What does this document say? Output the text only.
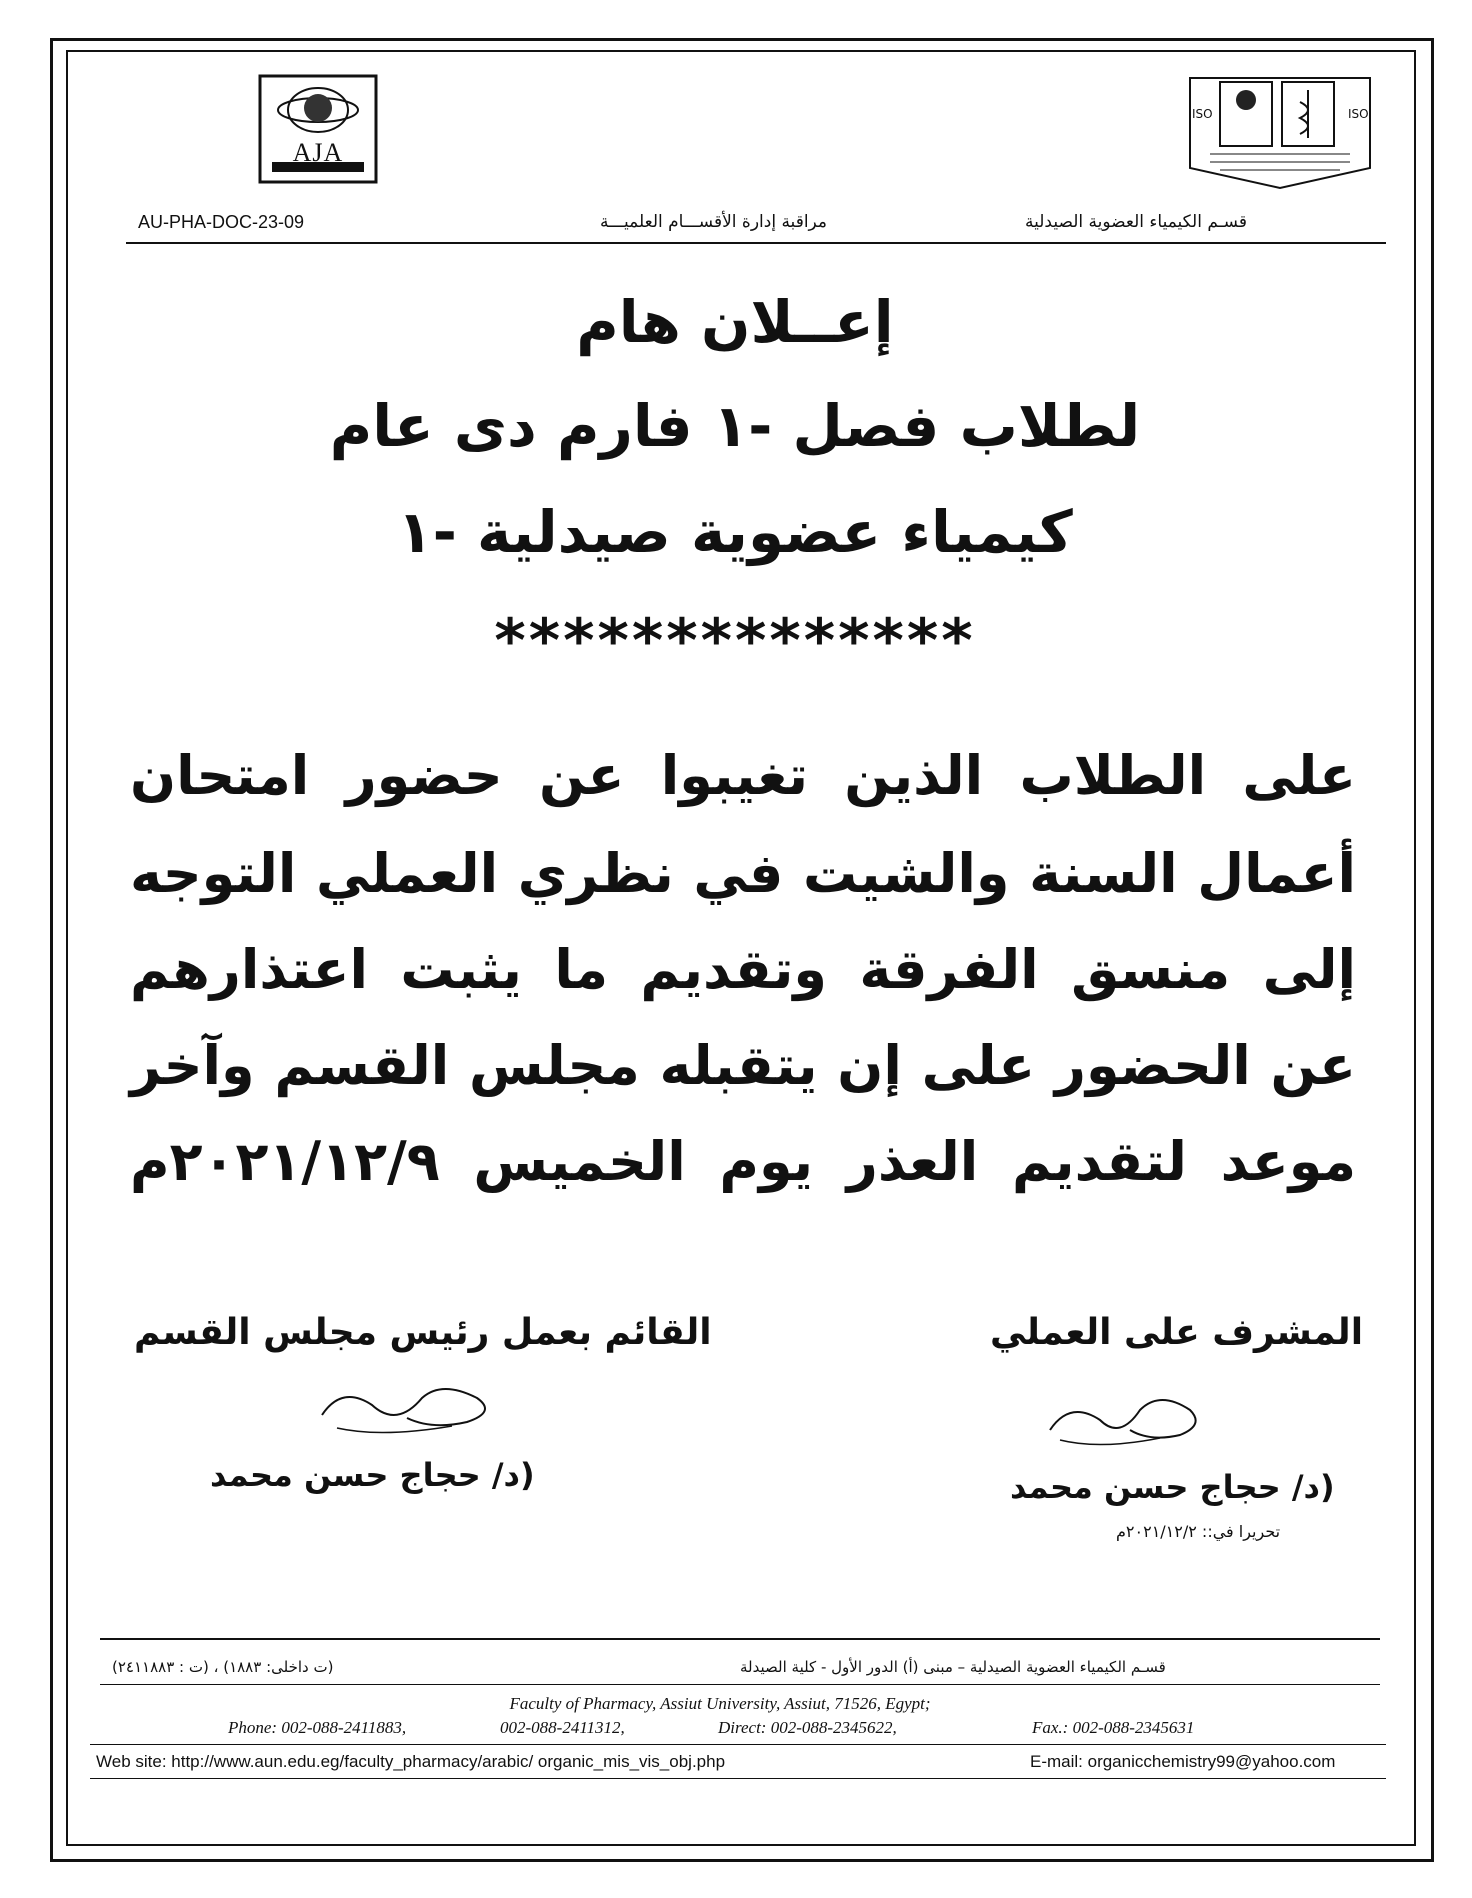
AJA
ISO	ISO
AU-PHA-DOC-23-09	مراقبة إدارة الأقســـام العلميـــة	قسـم الكيمياء العضوية الصيدلية
إعــلان هام
لطلاب فصل -١ فارم دى عام
كيمياء عضوية صيدلية -١
**************
على الطلاب الذين تغيبوا عن حضور امتحان
أعمال السنة والشيت في نظري العملي التوجه
إلى منسق الفرقة وتقديم ما يثبت اعتذارهم
عن الحضور على إن يتقبله مجلس القسم وآخر
موعد لتقديم العذر يوم الخميس ٢٠٢١/١٢/٩م
المشرف على العملي
القائم بعمل رئيس مجلس القسم
(د/ حجاج حسن محمد
(د/ حجاج حسن محمد
تحريرا في:: ٢٠٢١/١٢/٢م
قسـم الكيمياء العضوية الصيدلية – مبنى (أ) الدور الأول - كلية الصيدلة
(ت داخلى: ١٨٨٣) ، (ت : ٢٤١١٨٨٣)
Faculty of Pharmacy, Assiut University, Assiut, 71526, Egypt;
Phone: 002-088-2411883,	002-088-2411312,	Direct: 002-088-2345622,	Fax.: 002-088-2345631
Web site: http://www.aun.edu.eg/faculty_pharmacy/arabic/ organic_mis_vis_obj.php	E-mail: organicchemistry99@yahoo.com
